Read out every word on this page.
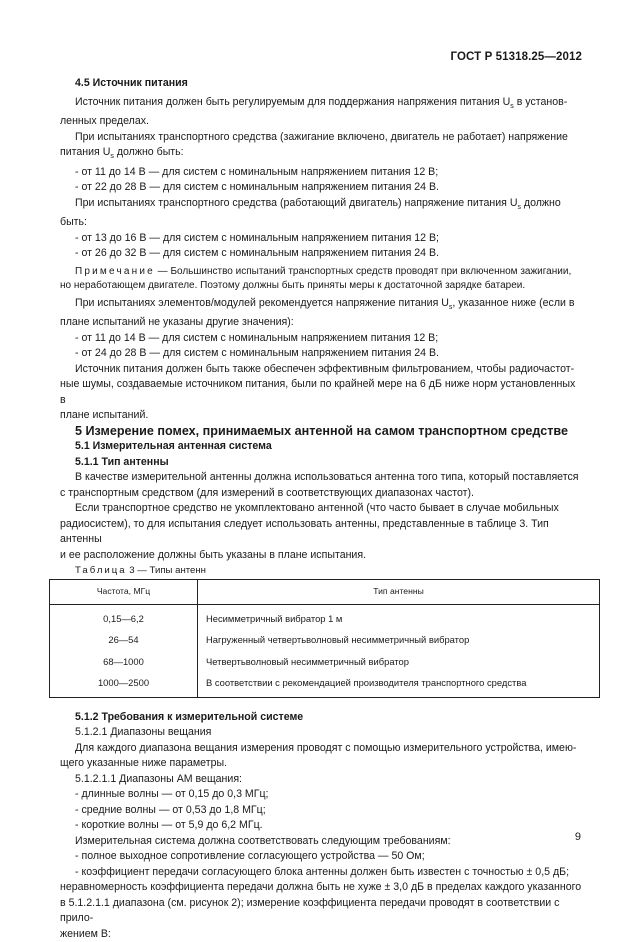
ГОСТ Р 51318.25—2012

4.5 Источник питания

Источник питания должен быть регулируемым для поддержания напряжения питания $U_s$ в установ-

ленных пределах.

При испытаниях транспортного средства (зажигание включено, двигатель не работает) напряжение

питания $U_s$ должно быть:

- от 11 до 14 В — для систем с номинальным напряжением питания 12 В;

- от 22 до 28 В — для систем с номинальным напряжением питания 24 В.

При испытаниях транспортного средства (работающий двигатель) напряжение питания $U_s$ должно

быть:

- от 13 до 16 В — для систем с номинальным напряжением питания 12 В;

- от 26 до 32 В — для систем с номинальным напряжением питания 24 В.

Примечание — Большинство испытаний транспортных средств проводят при включенном зажигании,

но неработающем двигателе. Поэтому должны быть приняты меры к достаточной зарядке батареи.

При испытаниях элементов/модулей рекомендуется напряжение питания $U_s$, указанное ниже (если в

плане испытаний не указаны другие значения):

- от 11 до 14 В — для систем с номинальным напряжением питания 12 В;

- от 24 до 28 В — для систем с номинальным напряжением питания 24 В.

Источник питания должен быть также обеспечен эффективным фильтрованием, чтобы радиочастот-

ные шумы, создаваемые источником питания, были по крайней мере на 6 дБ ниже норм установленных в

плане испытаний.

5 Измерение помех, принимаемых антенной на самом транспортном средстве

5.1 Измерительная антенная система

5.1.1 Тип антенны

В качестве измерительной антенны должна использоваться антенна того типа, который поставляется

с транспортным средством (для измерений в соответствующих диапазонах частот).

Если транспортное средство не укомплектовано антенной (что часто бывает в случае мобильных

радиосистем), то для испытания следует использовать антенны, представленные в таблице 3. Тип антенны

и ее расположение должны быть указаны в плане испытания.

Таблица 3 — Типы антенн

Частота, МГц	Тип антенны
0,15—6,2	Несимметричный вибратор 1 м
26—54	Нагруженный четвертьволновый несимметричный вибратор
68—1000	Четвертьволновый несимметричный вибратор
1000—2500	В соответствии с рекомендацией производителя транспортного средства

5.1.2 Требования к измерительной системе

5.1.2.1 Диапазоны вещания

Для каждого диапазона вещания измерения проводят с помощью измерительного устройства, имею-

щего указанные ниже параметры.

5.1.2.1.1 Диапазоны АМ вещания:

- длинные волны — от 0,15 до 0,3 МГц;

- средние волны — от 0,53 до 1,8 МГц;

- короткие волны — от 5,9 до 6,2 МГц.

Измерительная система должна соответствовать следующим требованиям:

- полное выходное сопротивление согласующего устройства — 50 Ом;

- коэффициент передачи согласующего блока антенны должен быть известен с точностью ± 0,5 дБ;

неравномерность коэффициента передачи должна быть не хуже ± 3,0 дБ в пределах каждого указанного

в 5.1.2.1.1 диапазона (см. рисунок 2); измерение коэффициента передачи проводят в соответствии с прило-

жением В:

9
